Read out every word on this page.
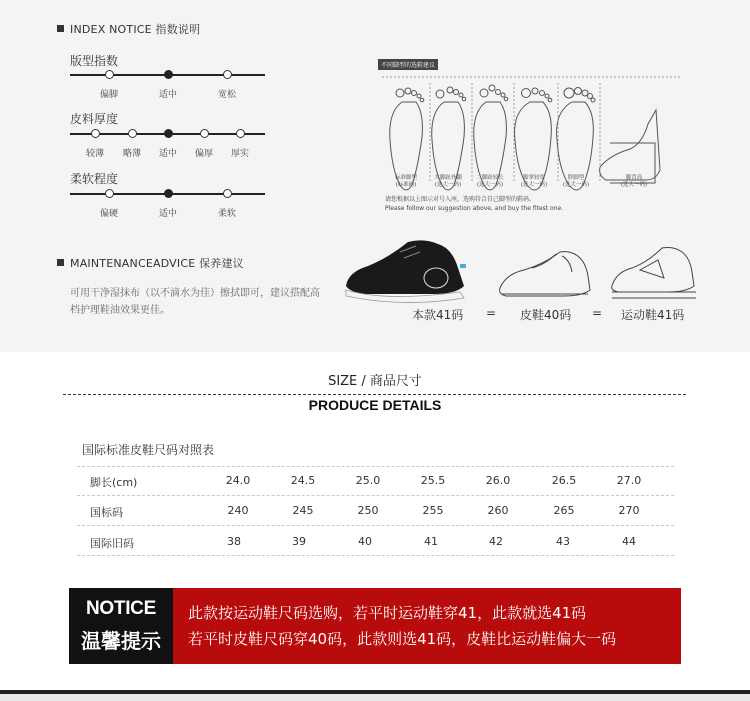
INDEX NOTICE 指数说明
版型指数
偏脚	适中	宽松
皮料厚度
较薄 略薄 适中 偏厚 厚实
柔软程度
偏硬	适中	柔软
不同脚型的选鞋建议
标准脚型
(标准码)
大脚趾外翻
(选大一码)
二脚趾较长
(选大一码)
脚掌较宽
(选大一码)
胖脚型
(选大一码)
脚背高
(选大一码)
请您根据以上图示对号入座，选购符合自己脚型的鞋码。
Please follow our suggestion above, and buy the fitest one.
MAINTENANCEADVICE 保养建议
可用干净湿抹布（以不滴水为佳）擦拭即可，建议搭配高档护理鞋油效果更佳。	本款41码 = 皮鞋40码 = 运动鞋41码
SIZE / 商品尺寸
PRODUCE DETAILS
国际标准皮鞋尺码对照表
脚长(cm)	24.0	24.5	25.0	25.5	26.0	26.5	27.0
国标码	240	245	250	255	260	265	270
国际旧码	38	39	40	41	42	43	44
NOTICE
温馨提示
此款按运动鞋尺码选购，若平时运动鞋穿41，此款就选41码
若平时皮鞋尺码穿40码，此款则选41码，皮鞋比运动鞋偏大一码
